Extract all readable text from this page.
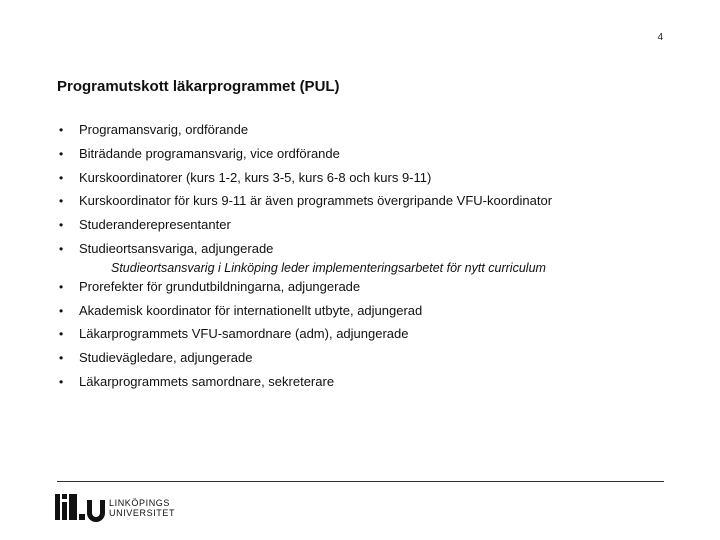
4
Programutskott läkarprogrammet (PUL)
• Programansvarig, ordförande
• Biträdande programansvarig, vice ordförande
• Kurskoordinatorer (kurs 1-2, kurs 3-5, kurs 6-8 och kurs 9-11)
• Kurskoordinator för kurs 9-11 är även programmets övergripande VFU-koordinator
• Studeranderepresentanter
• Studieortsansvariga, adjungerade
Studieortsansvarig i Linköping leder implementeringsarbetet för nytt curriculum
• Prorefekter för grundutbildningarna, adjungerade
• Akademisk koordinator för internationellt utbyte, adjungerad
• Läkarprogrammets VFU-samordnare (adm), adjungerade
• Studievägledare, adjungerade
• Läkarprogrammets samordnare, sekreterare
LINKÖPINGS
UNIVERSITET
